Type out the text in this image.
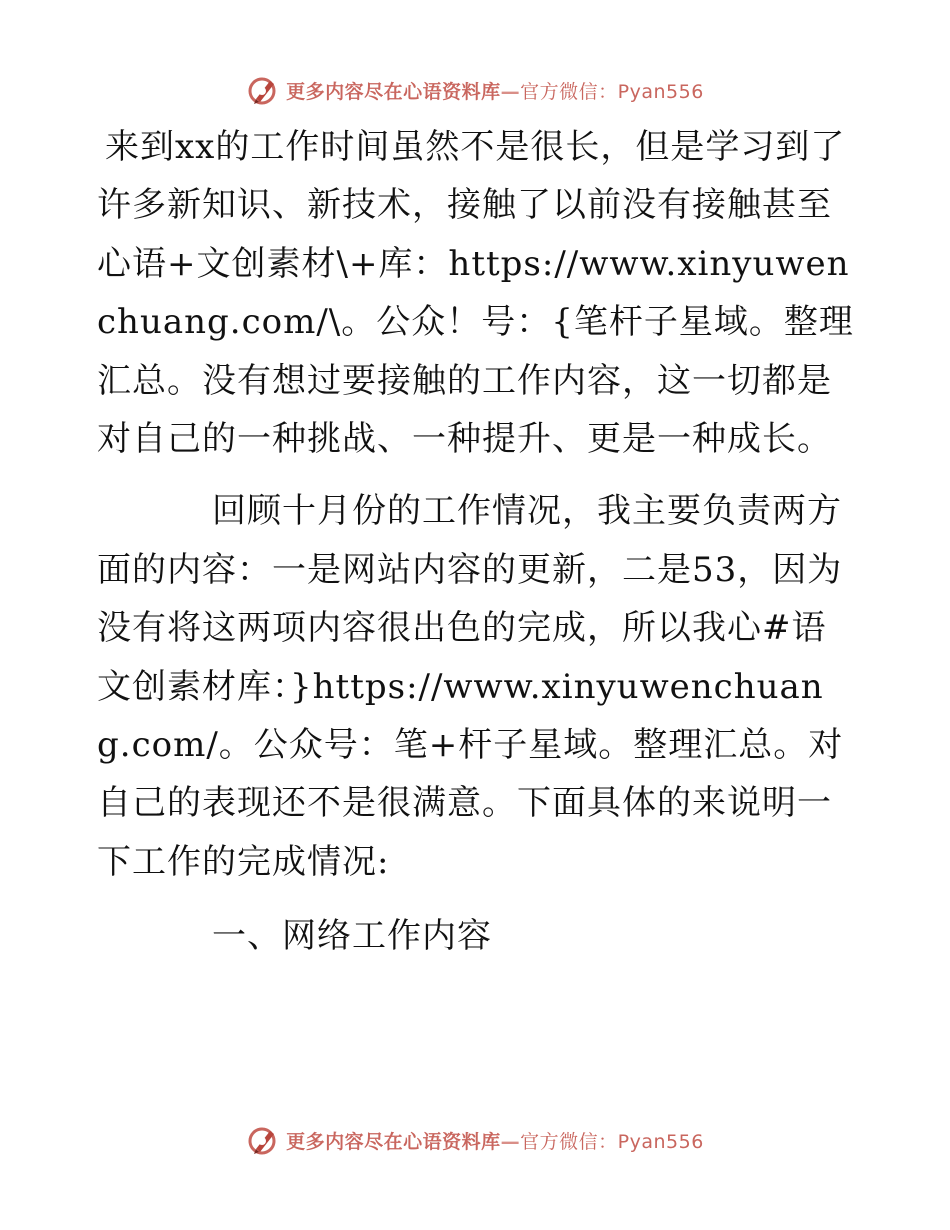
更多内容尽在心语资料库—官方微信：Pyan556

来到xx的工作时间虽然不是很长，但是学习到了许多新知识、新技术，接触了以前没有接触甚至心语+文创素材\+库：https://www.xinyuwenchuang.com/\。公众！号：{笔杆子星域。整理汇总。没有想过要接触的工作内容，这一切都是对自己的一种挑战、一种提升、更是一种成长。

回顾十月份的工作情况，我主要负责两方面的内容：一是网站内容的更新，二是53，因为没有将这两项内容很出色的完成，所以我心#语文创素材库：}https://www.xinyuwenchuang.com/。公众号：笔+杆子星域。整理汇总。对自己的表现还不是很满意。下面具体的来说明一下工作的完成情况:

一、网络工作内容

更多内容尽在心语资料库—官方微信：Pyan556
